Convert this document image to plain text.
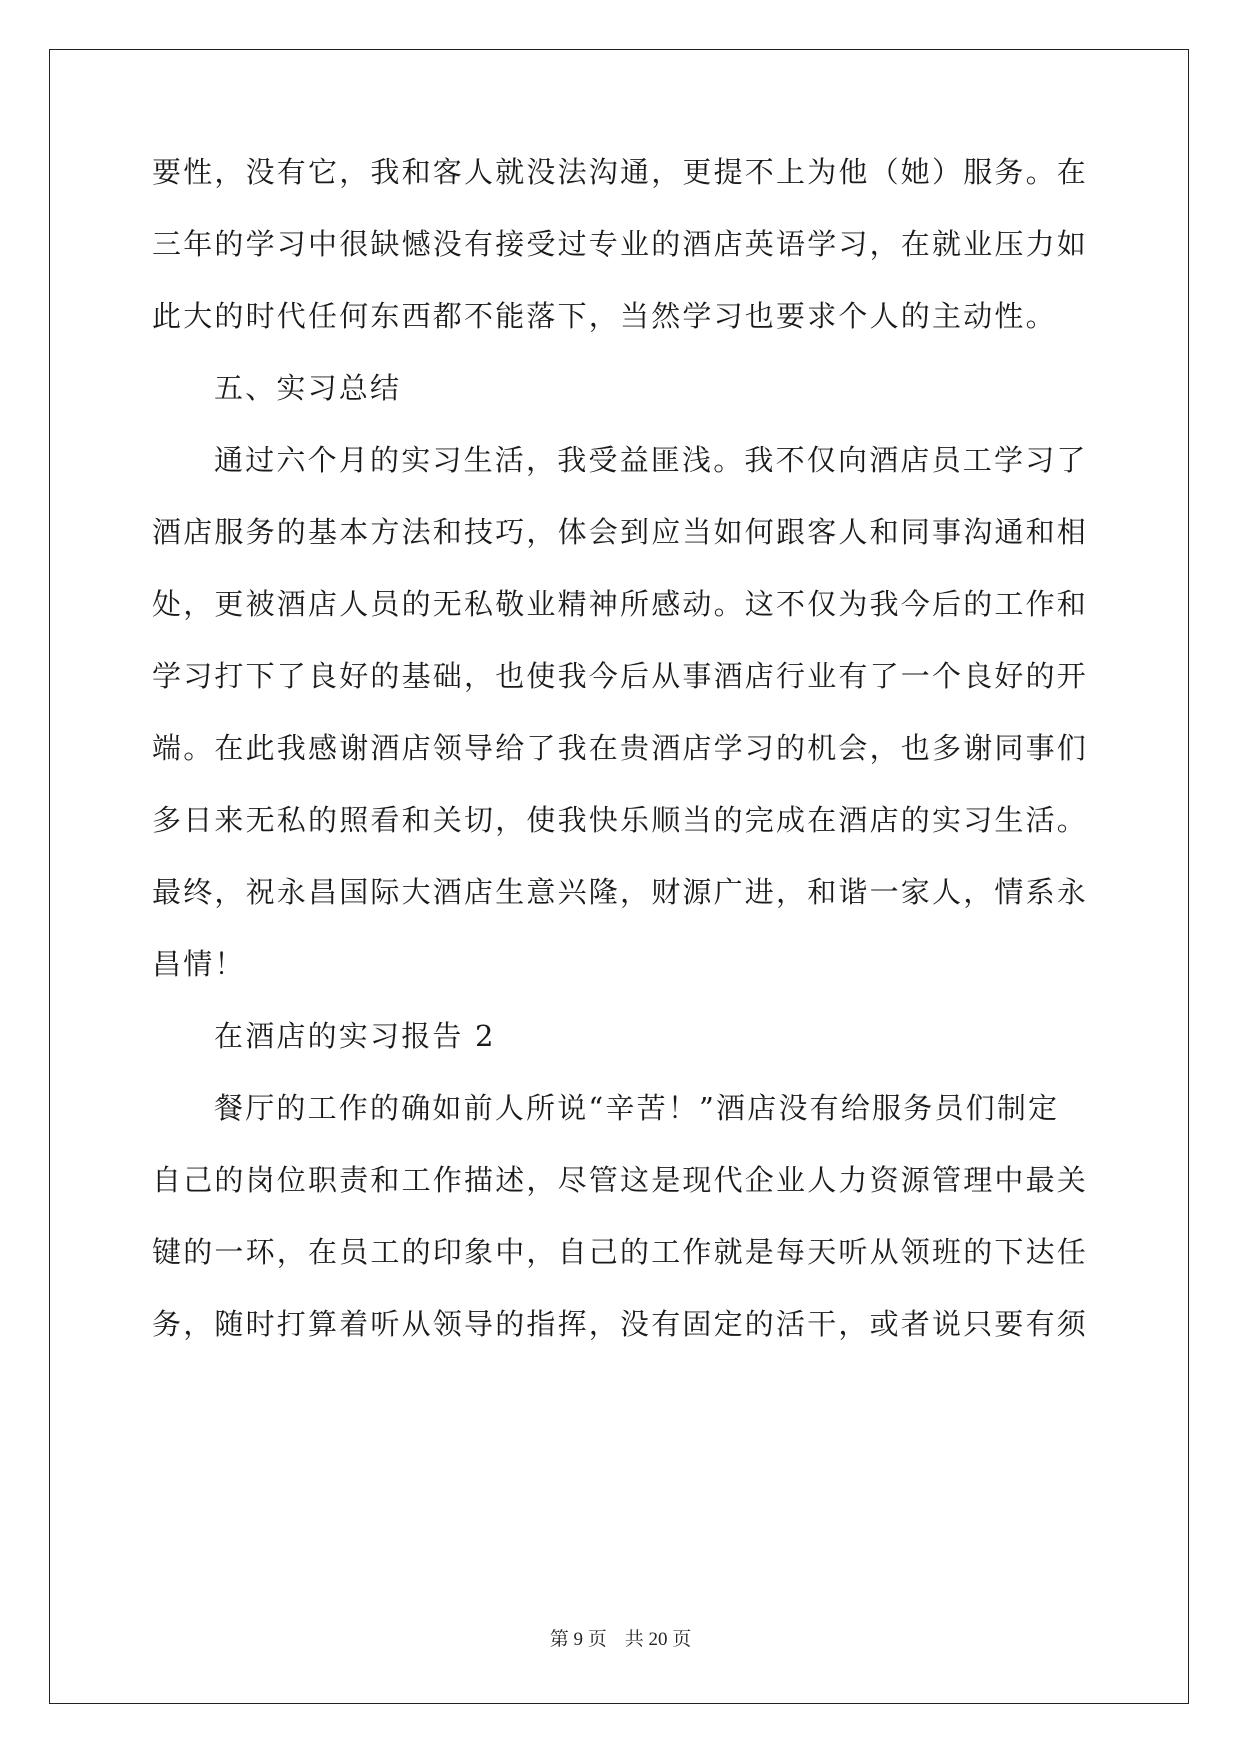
要性，没有它，我和客人就没法沟通，更提不上为他（她）服务。在
三年的学习中很缺憾没有接受过专业的酒店英语学习，在就业压力如
此大的时代任何东西都不能落下，当然学习也要求个人的主动性。
五、实习总结
通过六个月的实习生活，我受益匪浅。我不仅向酒店员工学习了
酒店服务的基本方法和技巧，体会到应当如何跟客人和同事沟通和相
处，更被酒店人员的无私敬业精神所感动。这不仅为我今后的工作和
学习打下了良好的基础，也使我今后从事酒店行业有了一个良好的开
端。在此我感谢酒店领导给了我在贵酒店学习的机会，也多谢同事们
多日来无私的照看和关切，使我快乐顺当的完成在酒店的实习生活。
最终，祝永昌国际大酒店生意兴隆，财源广进，和谐一家人，情系永
昌情！
在酒店的实习报告 2
餐厅的工作的确如前人所说“辛苦！”酒店没有给服务员们制定
自己的岗位职责和工作描述，尽管这是现代企业人力资源管理中最关
键的一环，在员工的印象中，自己的工作就是每天听从领班的下达任
务，随时打算着听从领导的指挥，没有固定的活干，或者说只要有须
第 9 页 共 20 页
